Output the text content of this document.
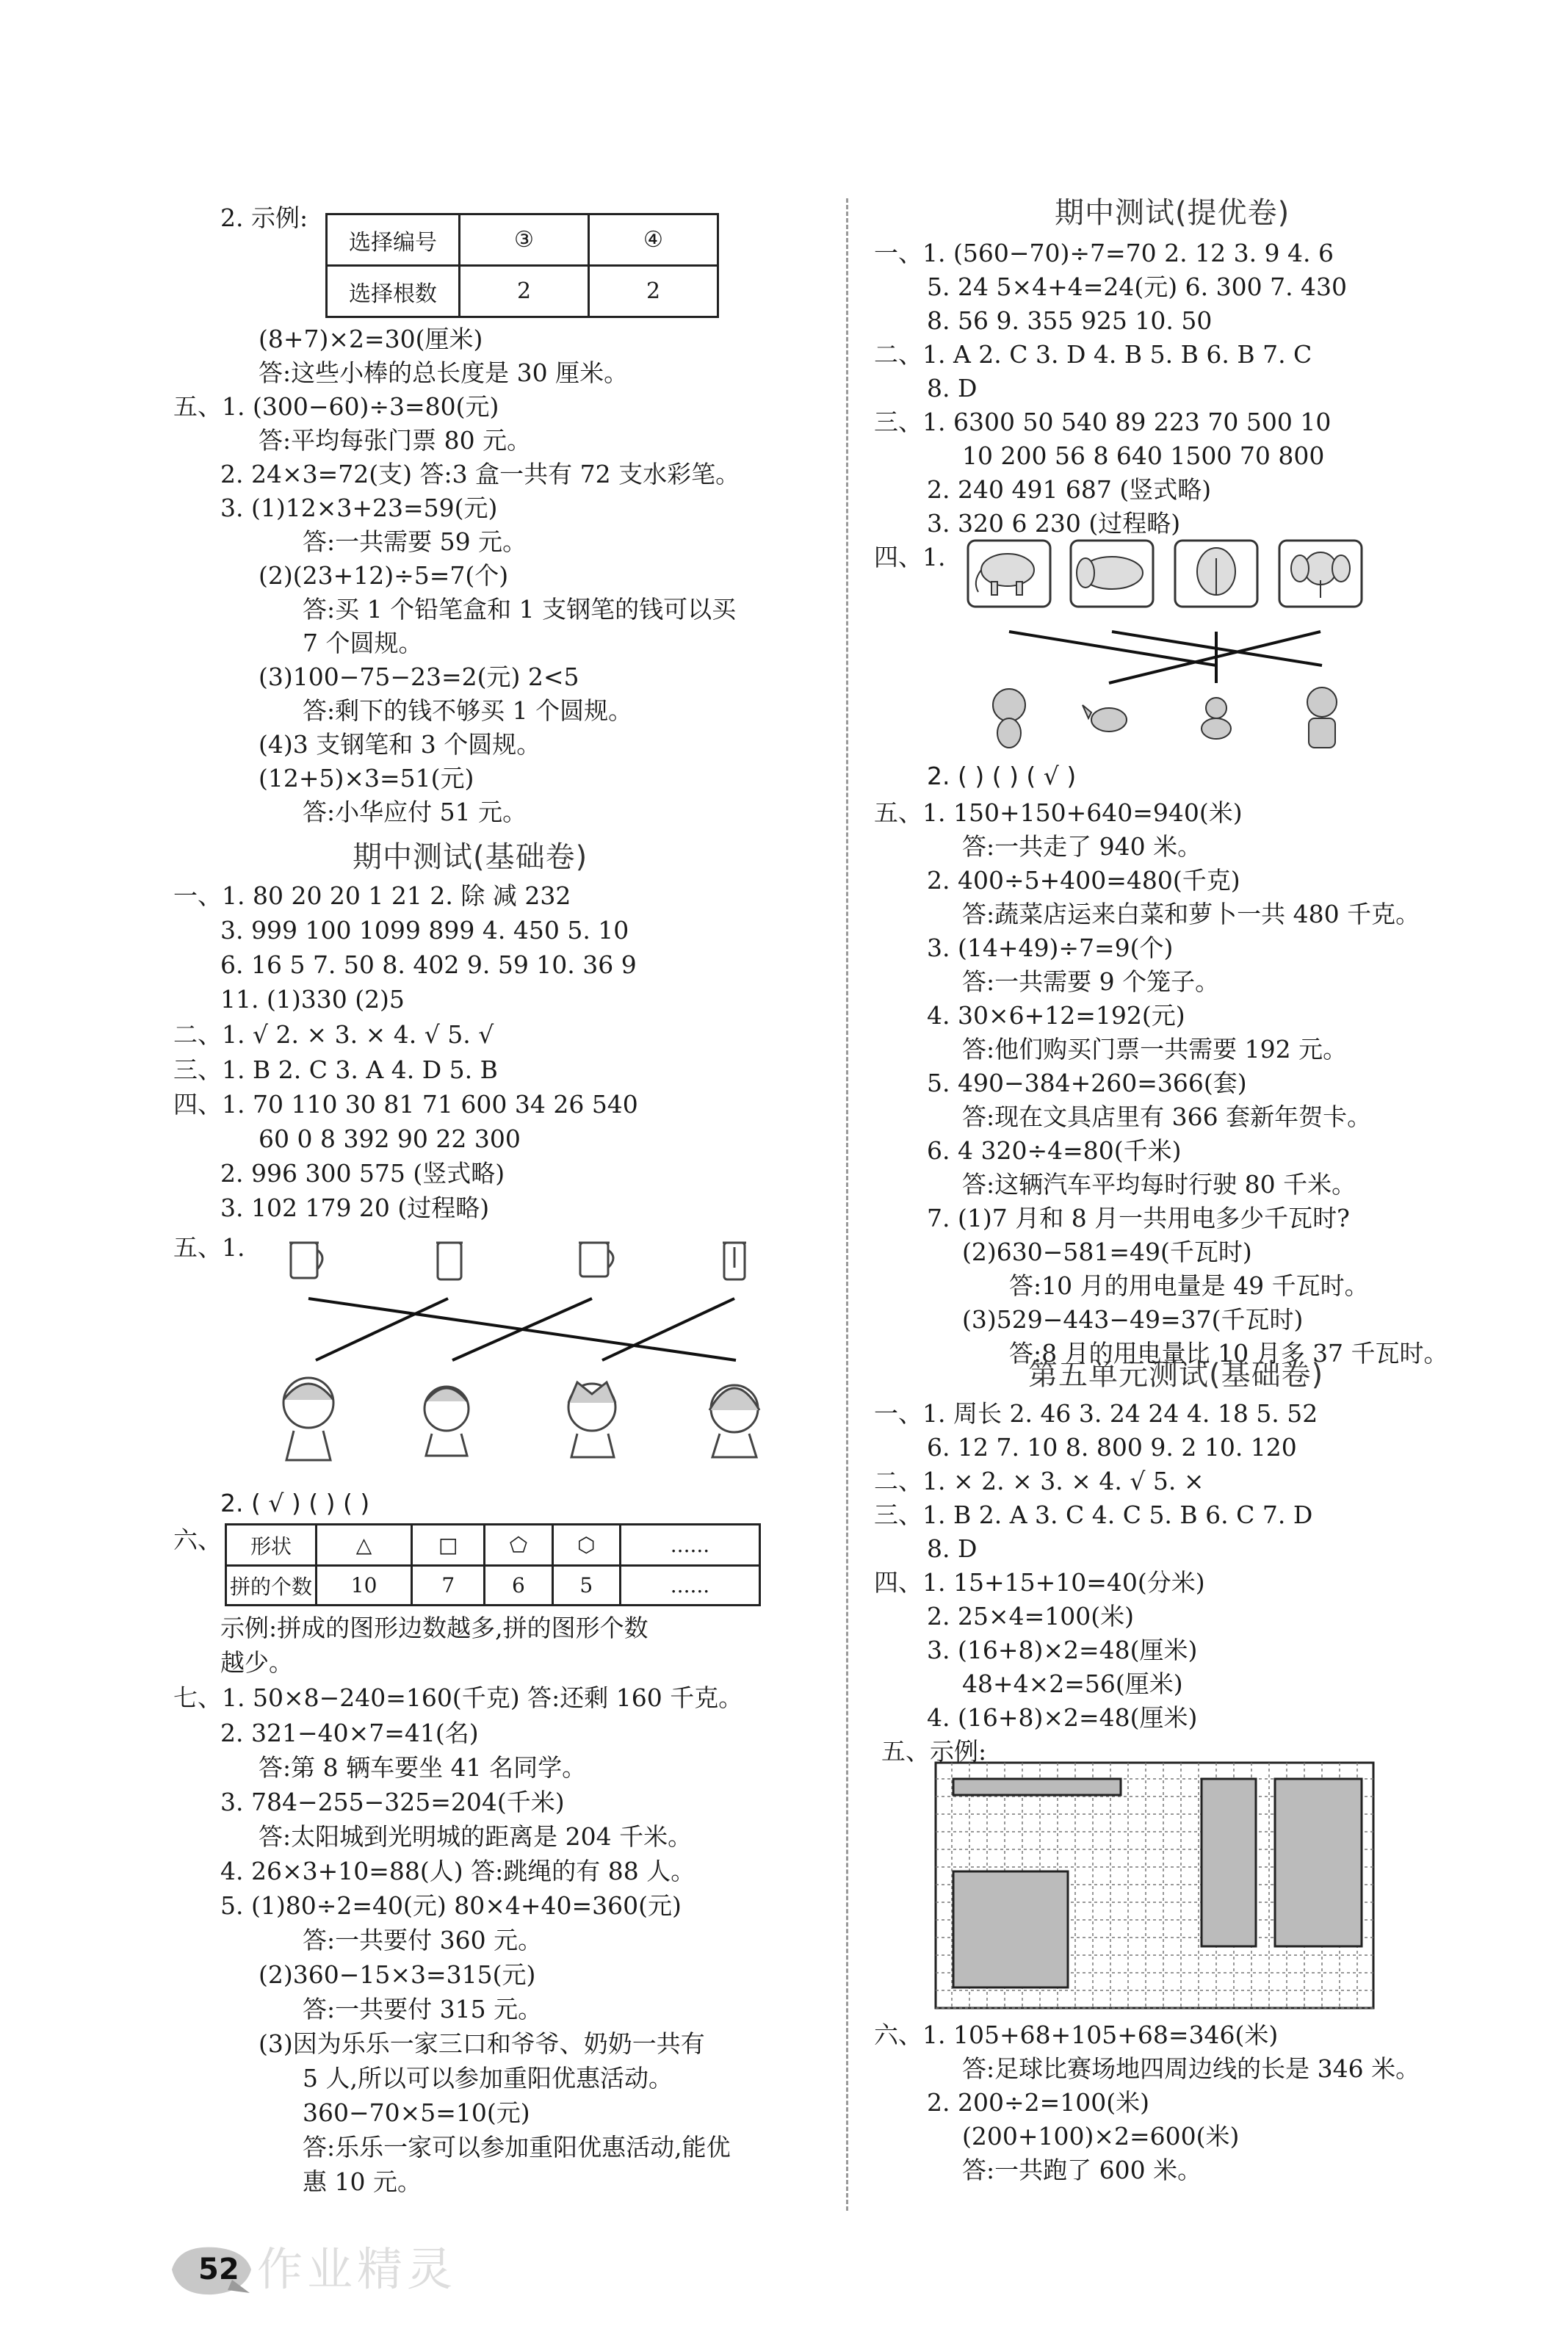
2. 示例:
选择编号	③	④
选择根数	2	2
(8+7)×2=30(厘米)
答:这些小棒的总长度是 30 厘米。
五、1. (300−60)÷3=80(元)
答:平均每张门票 80 元。
2. 24×3=72(支) 答:3 盒一共有 72 支水彩笔。
3. (1)12×3+23=59(元)
答:一共需要 59 元。
(2)(23+12)÷5=7(个)
答:买 1 个铅笔盒和 1 支钢笔的钱可以买
7 个圆规。
(3)100−75−23=2(元) 2<5
答:剩下的钱不够买 1 个圆规。
(4)3 支钢笔和 3 个圆规。
(12+5)×3=51(元)
答:小华应付 51 元。
期中测试(基础卷)
一、1. 80 20 20 1 21 2. 除 减 232
3. 999 100 1099 899 4. 450 5. 10
6. 16 5 7. 50 8. 402 9. 59 10. 36 9
11. (1)330 (2)5
二、1. √ 2. × 3. × 4. √ 5. √
三、1. B 2. C 3. A 4. D 5. B
四、1. 70 110 30 81 71 600 34 26 540
60 0 8 392 90 22 300
2. 996 300 575 (竖式略)
3. 102 179 20 (过程略)
五、1.
2. ( √ ) ( ) ( )
六、 形状	△	□	⬠	⬡	......
拼的个数	10	7	6	5	......
示例:拼成的图形边数越多,拼的图形个数
越少。
七、1. 50×8−240=160(千克) 答:还剩 160 千克。
2. 321−40×7=41(名)
答:第 8 辆车要坐 41 名同学。
3. 784−255−325=204(千米)
答:太阳城到光明城的距离是 204 千米。
4. 26×3+10=88(人) 答:跳绳的有 88 人。
5. (1)80÷2=40(元) 80×4+40=360(元)
答:一共要付 360 元。
(2)360−15×3=315(元)
答:一共要付 315 元。
(3)因为乐乐一家三口和爷爷、奶奶一共有
5 人,所以可以参加重阳优惠活动。
360−70×5=10(元)
答:乐乐一家可以参加重阳优惠活动,能优
惠 10 元。
期中测试(提优卷)
一、1. (560−70)÷7=70 2. 12 3. 9 4. 6
5. 24 5×4+4=24(元) 6. 300 7. 430
8. 56 9. 355 925 10. 50
二、1. A 2. C 3. D 4. B 5. B 6. B 7. C
8. D
三、1. 6300 50 540 89 223 70 500 10
10 200 56 8 640 1500 70 800
2. 240 491 687 (竖式略)
3. 320 6 230 (过程略)
四、1.
2. ( ) ( ) ( √ )
五、1. 150+150+640=940(米)
答:一共走了 940 米。
2. 400÷5+400=480(千克)
答:蔬菜店运来白菜和萝卜一共 480 千克。
3. (14+49)÷7=9(个)
答:一共需要 9 个笼子。
4. 30×6+12=192(元)
答:他们购买门票一共需要 192 元。
5. 490−384+260=366(套)
答:现在文具店里有 366 套新年贺卡。
6. 4 320÷4=80(千米)
答:这辆汽车平均每时行驶 80 千米。
7. (1)7 月和 8 月一共用电多少千瓦时?
(2)630−581=49(千瓦时)
答:10 月的用电量是 49 千瓦时。
(3)529−443−49=37(千瓦时)
答:8 月的用电量比 10 月多 37 千瓦时。
第五单元测试(基础卷)
一、1. 周长 2. 46 3. 24 24 4. 18 5. 52
6. 12 7. 10 8. 800 9. 2 10. 120
二、1. × 2. × 3. × 4. √ 5. ×
三、1. B 2. A 3. C 4. C 5. B 6. C 7. D
8. D
四、1. 15+15+10=40(分米)
2. 25×4=100(米)
3. (16+8)×2=48(厘米)
48+4×2=56(厘米)
4. (16+8)×2=48(厘米)
五、示例:
六、1. 105+68+105+68=346(米)
答:足球比赛场地四周边线的长是 346 米。
2. 200÷2=100(米)
(200+100)×2=600(米)
答:一共跑了 600 米。
52 作业精灵
